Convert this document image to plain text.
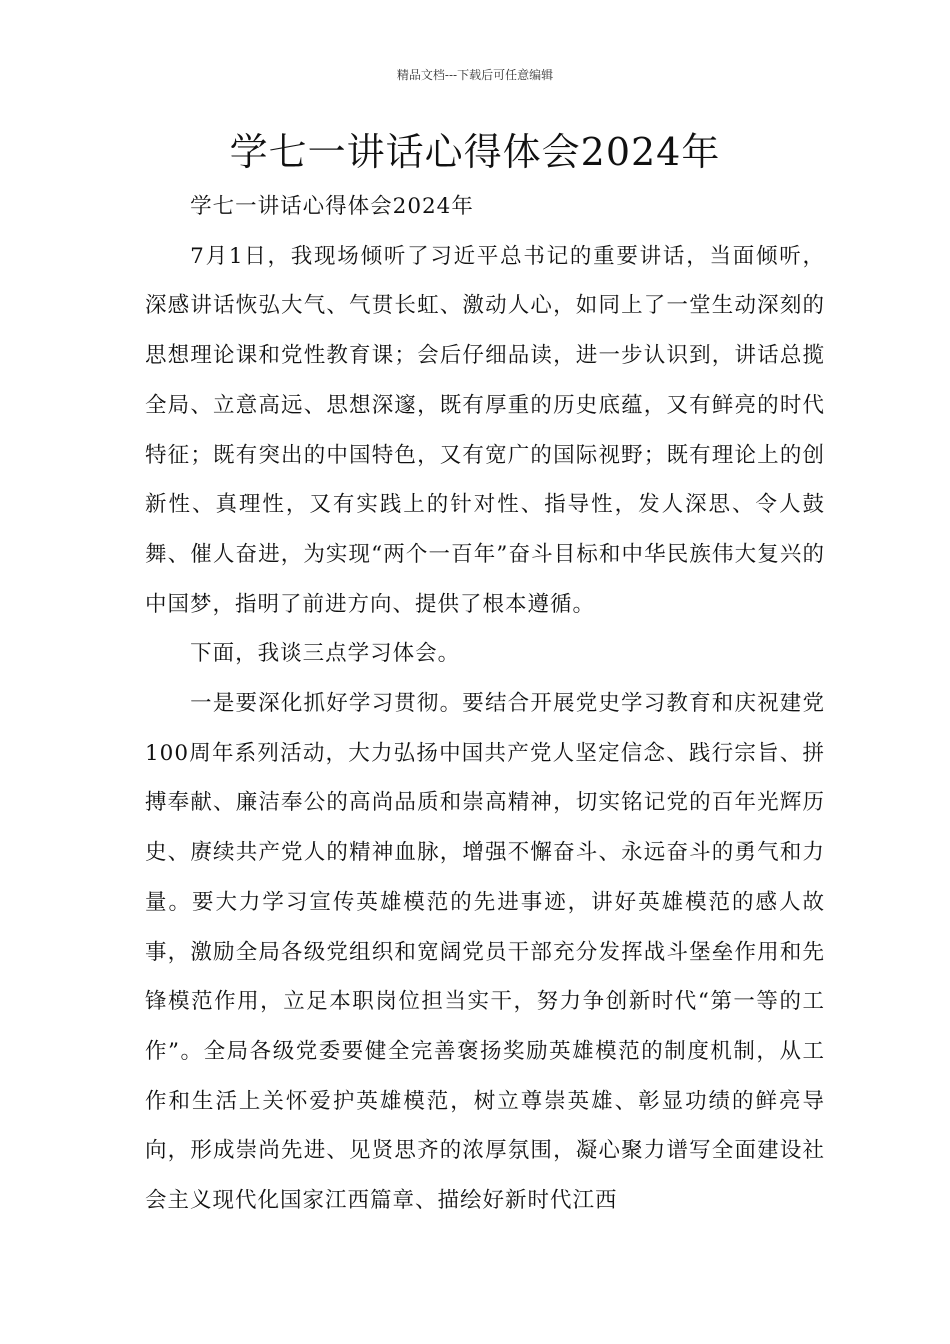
精品文档---下载后可任意编辑
学七一讲话心得体会2024年

学七一讲话心得体会2024年

7月1日，我现场倾听了习近平总书记的重要讲话，当面倾听，深感讲话恢弘大气、气贯长虹、激动人心，如同上了一堂生动深刻的思想理论课和党性教育课；会后仔细品读，进一步认识到，讲话总揽全局、立意高远、思想深邃，既有厚重的历史底蕴，又有鲜亮的时代特征；既有突出的中国特色，又有宽广的国际视野；既有理论上的创新性、真理性，又有实践上的针对性、指导性，发人深思、令人鼓舞、催人奋进，为实现“两个一百年”奋斗目标和中华民族伟大复兴的中国梦，指明了前进方向、提供了根本遵循。

下面，我谈三点学习体会。

一是要深化抓好学习贯彻。要结合开展党史学习教育和庆祝建党100周年系列活动，大力弘扬中国共产党人坚定信念、践行宗旨、拼搏奉献、廉洁奉公的高尚品质和崇高精神，切实铭记党的百年光辉历史、赓续共产党人的精神血脉，增强不懈奋斗、永远奋斗的勇气和力量。要大力学习宣传英雄模范的先进事迹，讲好英雄模范的感人故事，激励全局各级党组织和宽阔党员干部充分发挥战斗堡垒作用和先锋模范作用，立足本职岗位担当实干，努力争创新时代“第一等的工作”。全局各级党委要健全完善褒扬奖励英雄模范的制度机制，从工作和生活上关怀爱护英雄模范，树立尊崇英雄、彰显功绩的鲜亮导向，形成崇尚先进、见贤思齐的浓厚氛围，凝心聚力谱写全面建设社会主义现代化国家江西篇章、描绘好新时代江西
